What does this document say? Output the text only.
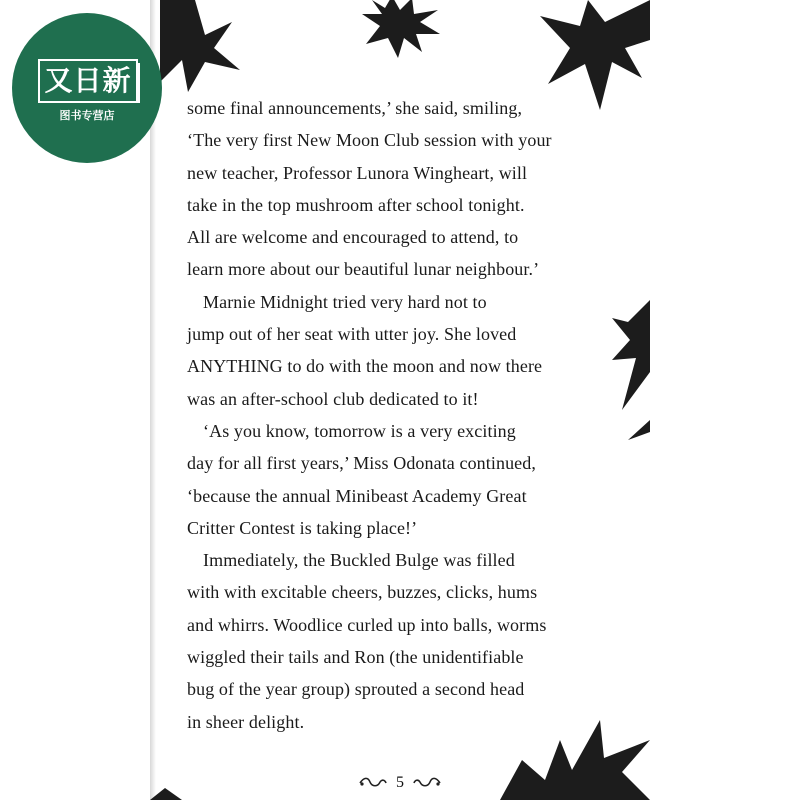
又日新
图书专营店	some final announcements,’ she said, smiling,
‘The very first New Moon Club session with your
new teacher, Professor Lunora Wingheart, will
take in the top mushroom after school tonight.
All are welcome and encouraged to attend, to
learn more about our beautiful lunar neighbour.’
Marnie Midnight tried very hard not to
jump out of her seat with utter joy. She loved
ANYTHING to do with the moon and now there
was an after-school club dedicated to it!
‘As you know, tomorrow is a very exciting
day for all first years,’ Miss Odonata continued,
‘because the annual Minibeast Academy Great
Critter Contest is taking place!’
Immediately, the Buckled Bulge was filled
with with excitable cheers, buzzes, clicks, hums
and whirrs. Woodlice curled up into balls, worms
wiggled their tails and Ron (the unidentifiable
bug of the year group) sprouted a second head
in sheer delight.
5
